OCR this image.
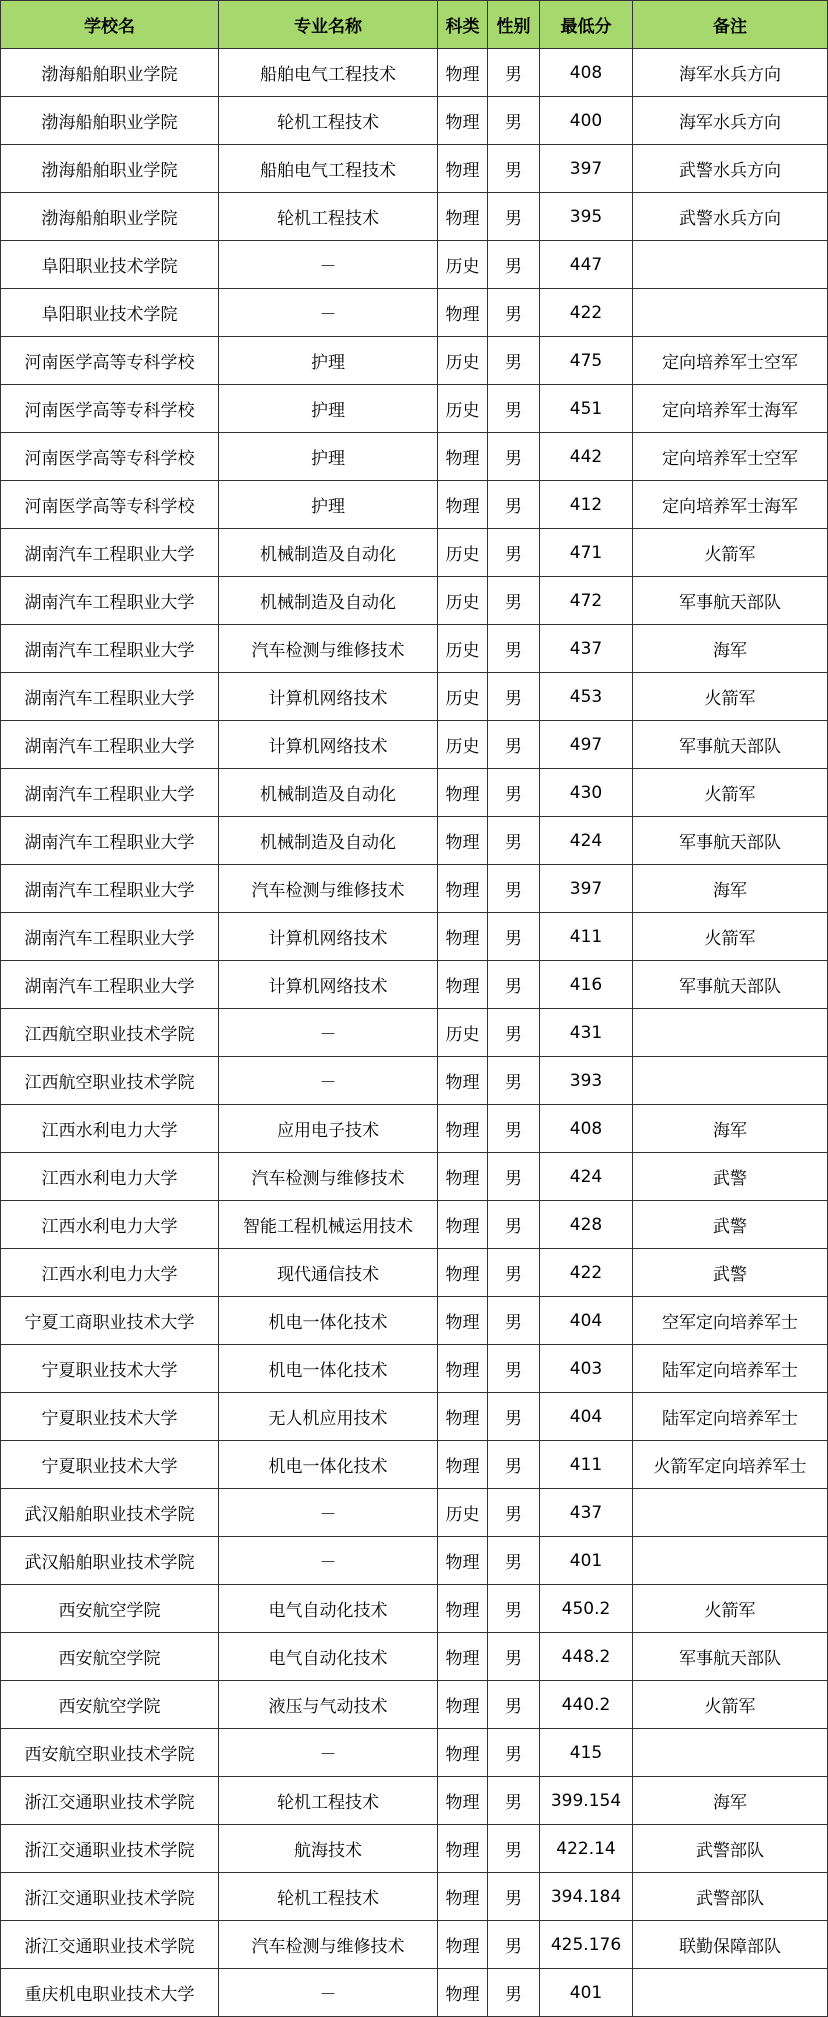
学校名	专业名称	科类	性别	最低分	备注
渤海船舶职业学院	船舶电气工程技术	物理	男	408	海军水兵方向
渤海船舶职业学院	轮机工程技术	物理	男	400	海军水兵方向
渤海船舶职业学院	船舶电气工程技术	物理	男	397	武警水兵方向
渤海船舶职业学院	轮机工程技术	物理	男	395	武警水兵方向
阜阳职业技术学院	－	历史	男	447	
阜阳职业技术学院	－	物理	男	422	
河南医学高等专科学校	护理	历史	男	475	定向培养军士空军
河南医学高等专科学校	护理	历史	男	451	定向培养军士海军
河南医学高等专科学校	护理	物理	男	442	定向培养军士空军
河南医学高等专科学校	护理	物理	男	412	定向培养军士海军
湖南汽车工程职业大学	机械制造及自动化	历史	男	471	火箭军
湖南汽车工程职业大学	机械制造及自动化	历史	男	472	军事航天部队
湖南汽车工程职业大学	汽车检测与维修技术	历史	男	437	海军
湖南汽车工程职业大学	计算机网络技术	历史	男	453	火箭军
湖南汽车工程职业大学	计算机网络技术	历史	男	497	军事航天部队
湖南汽车工程职业大学	机械制造及自动化	物理	男	430	火箭军
湖南汽车工程职业大学	机械制造及自动化	物理	男	424	军事航天部队
湖南汽车工程职业大学	汽车检测与维修技术	物理	男	397	海军
湖南汽车工程职业大学	计算机网络技术	物理	男	411	火箭军
湖南汽车工程职业大学	计算机网络技术	物理	男	416	军事航天部队
江西航空职业技术学院	－	历史	男	431	
江西航空职业技术学院	－	物理	男	393	
江西水利电力大学	应用电子技术	物理	男	408	海军
江西水利电力大学	汽车检测与维修技术	物理	男	424	武警
江西水利电力大学	智能工程机械运用技术	物理	男	428	武警
江西水利电力大学	现代通信技术	物理	男	422	武警
宁夏工商职业技术大学	机电一体化技术	物理	男	404	空军定向培养军士
宁夏职业技术大学	机电一体化技术	物理	男	403	陆军定向培养军士
宁夏职业技术大学	无人机应用技术	物理	男	404	陆军定向培养军士
宁夏职业技术大学	机电一体化技术	物理	男	411	火箭军定向培养军士
武汉船舶职业技术学院	－	历史	男	437	
武汉船舶职业技术学院	－	物理	男	401	
西安航空学院	电气自动化技术	物理	男	450.2	火箭军
西安航空学院	电气自动化技术	物理	男	448.2	军事航天部队
西安航空学院	液压与气动技术	物理	男	440.2	火箭军
西安航空职业技术学院	－	物理	男	415	
浙江交通职业技术学院	轮机工程技术	物理	男	399.154	海军
浙江交通职业技术学院	航海技术	物理	男	422.14	武警部队
浙江交通职业技术学院	轮机工程技术	物理	男	394.184	武警部队
浙江交通职业技术学院	汽车检测与维修技术	物理	男	425.176	联勤保障部队
重庆机电职业技术大学	－	物理	男	401	
